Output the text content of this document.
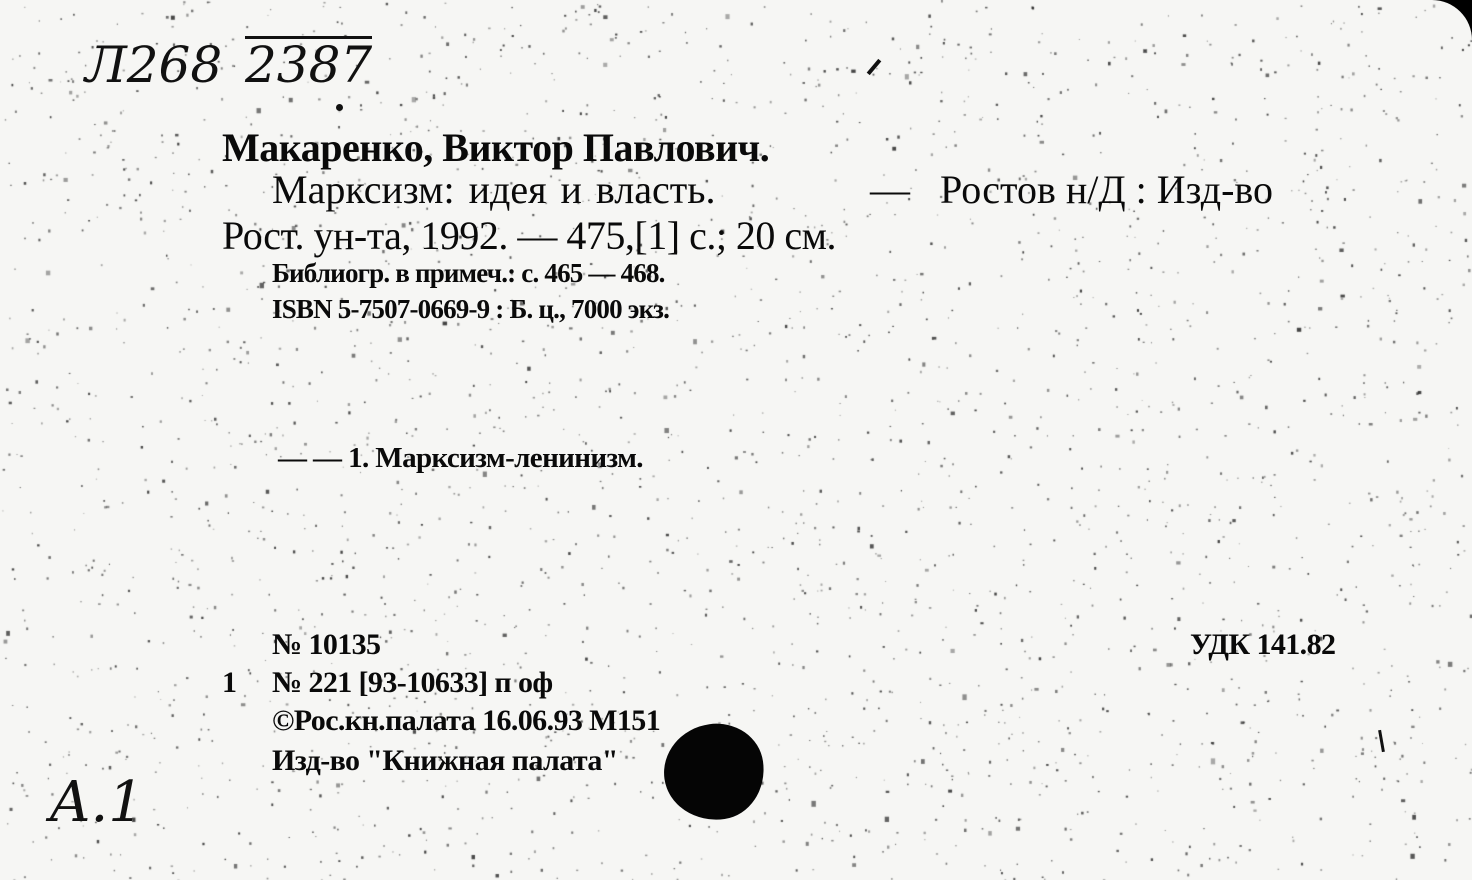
Л268 2387

Макаренко, Виктор Павлович.

Марксизм: идея и власть.	— Ростов н/Д : Изд-во

Рост. ун-та, 1992. — 475,[1] с.; 20 см.

Библиогр. в примеч.: с. 465 — 468.

ISBN 5-7507-0669-9 : Б. ц., 7000 экз.

— — 1. Марксизм-ленинизм.

№ 10135	УДК 141.82

1 № 221 [93-10633] п оф

©Рос.кн.палата 16.06.93 М151

Изд-во "Книжная палата"

A.1
